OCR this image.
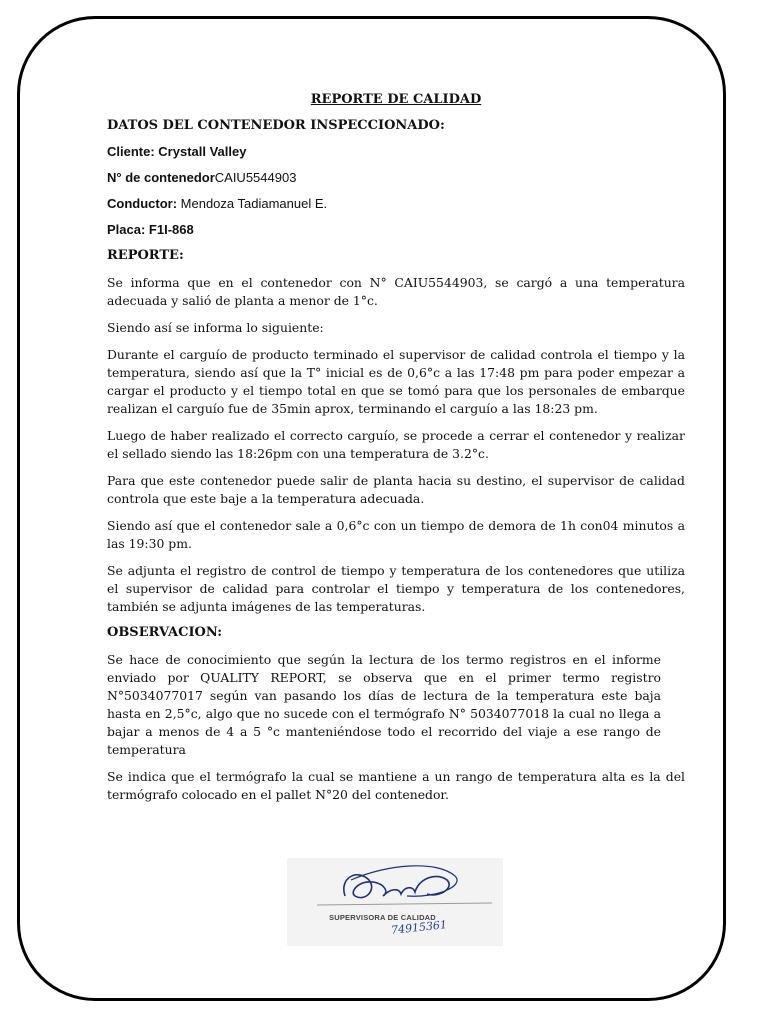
REPORTE DE CALIDAD
DATOS DEL CONTENEDOR INSPECCIONADO:
Cliente: Crystall Valley
N° de contenedorCAIU5544903
Conductor: Mendoza Tadiamanuel E.
Placa: F1I-868
REPORTE:

Se informa que en el contenedor con N° CAIU5544903, se cargó a una temperatura adecuada y salió de planta a menor de 1°c.

Siendo así se informa lo siguiente:

Durante el carguío de producto terminado el supervisor de calidad controla el tiempo y la temperatura, siendo así que la T° inicial es de 0,6°c a las 17:48 pm para poder empezar a cargar el producto y el tiempo total en que se tomó para que los personales de embarque realizan el carguío fue de 35min aprox, terminando el carguío a las 18:23 pm.

Luego de haber realizado el correcto carguío, se procede a cerrar el contenedor y realizar el sellado siendo las 18:26pm con una temperatura de 3.2°c.

Para que este contenedor puede salir de planta hacia su destino, el supervisor de calidad controla que este baje a la temperatura adecuada.

Siendo así que el contenedor sale a 0,6°c con un tiempo de demora de 1h con04 minutos a las 19:30 pm.

Se adjunta el registro de control de tiempo y temperatura de los contenedores que utiliza el supervisor de calidad para controlar el tiempo y temperatura de los contenedores, también se adjunta imágenes de las temperaturas.

OBSERVACION:

Se hace de conocimiento que según la lectura de los termo registros en el informe enviado por QUALITY REPORT, se observa que en el primer termo registro N°5034077017 según van pasando los días de lectura de la temperatura este baja hasta en 2,5°c, algo que no sucede con el termógrafo N° 5034077018 la cual no llega a bajar a menos de 4 a 5 °c manteniéndose todo el recorrido del viaje a ese rango de temperatura

Se indica que el termógrafo la cual se mantiene a un rango de temperatura alta es la del termógrafo colocado en el pallet N°20 del contenedor.

SUPERVISORA DE CALIDAD
74915361
